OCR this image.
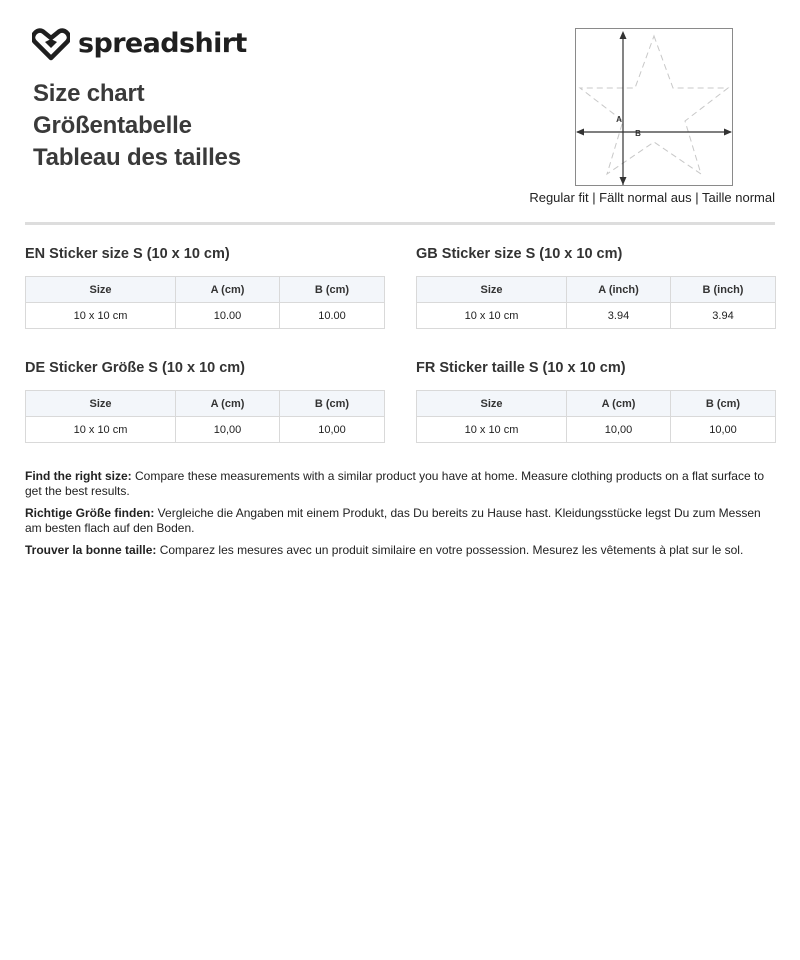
spreadshirt
Size chart
Größentabelle
Tableau des tailles
A
B
Regular fit | Fällt normal aus | Taille normal
EN Sticker size S (10 x 10 cm)
Size	A (cm)	B (cm)
10 x 10 cm	10.00	10.00
GB Sticker size S (10 x 10 cm)
Size	A (inch)	B (inch)
10 x 10 cm	3.94	3.94
DE Sticker Größe S (10 x 10 cm)
Size	A (cm)	B (cm)
10 x 10 cm	10,00	10,00
FR Sticker taille S (10 x 10 cm)
Size	A (cm)	B (cm)
10 x 10 cm	10,00	10,00

Find the right size: Compare these measurements with a similar product you have at home. Measure clothing products on a flat surface to get the best results.

Richtige Größe finden: Vergleiche die Angaben mit einem Produkt, das Du bereits zu Hause hast. Kleidungsstücke legst Du zum Messen am besten flach auf den Boden.

Trouver la bonne taille: Comparez les mesures avec un produit similaire en votre possession. Mesurez les vêtements à plat sur le sol.
